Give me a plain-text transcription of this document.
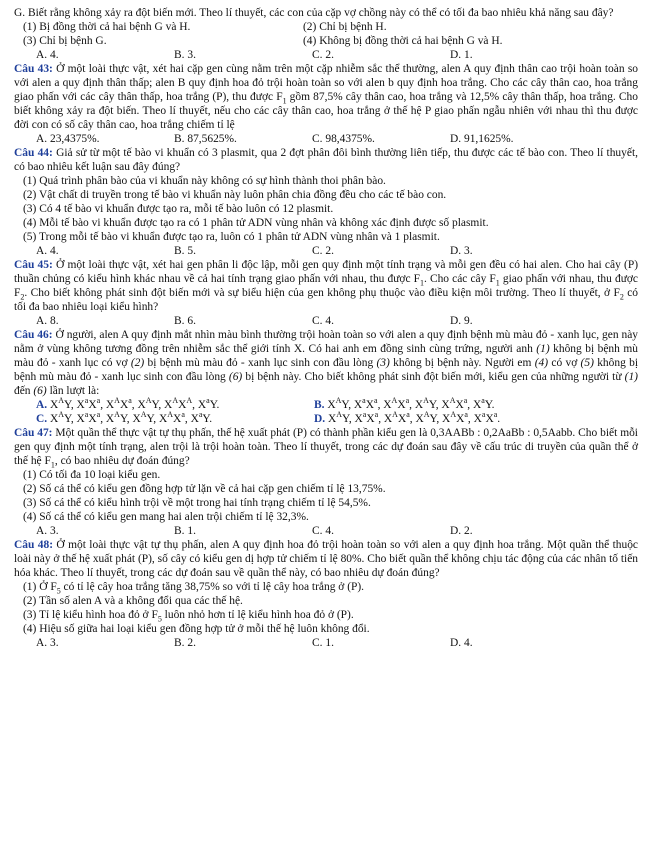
G. Biết rằng không xảy ra đột biến mới. Theo lí thuyết, các con của cặp vợ chồng này có thể có tối đa bao nhiêu khả năng sau đây?

(1) Bị đồng thời cả hai bệnh G và H.	(2) Chỉ bị bệnh H.
(3) Chỉ bị bệnh G.	(4) Không bị đồng thời cả hai bệnh G và H.
A. 4.	B. 3.	C. 2.	D. 1.

Câu 43: Ở một loài thực vật, xét hai cặp gen cùng nằm trên một cặp nhiễm sắc thể thường, alen A quy định thân cao trội hoàn toàn so với alen a quy định thân thấp; alen B quy định hoa đỏ trội hoàn toàn so với alen b quy định hoa trắng. Cho các cây thân cao, hoa trắng giao phấn với các cây thân thấp, hoa trắng (P), thu được $F_1$ gồm 87,5% cây thân cao, hoa trắng và 12,5% cây thân thấp, hoa trắng. Cho biết không xảy ra đột biến. Theo lí thuyết, nếu cho các cây thân cao, hoa trắng ở thế hệ P giao phấn ngẫu nhiên với nhau thì thu được đời con có số cây thân cao, hoa trắng chiếm tỉ lệ

A. 23,4375%.	B. 87,5625%.	C. 98,4375%.	D. 91,1625%.

Câu 44: Giả sử từ một tế bào vi khuẩn có 3 plasmit, qua 2 đợt phân đôi bình thường liên tiếp, thu được các tế bào con. Theo lí thuyết, có bao nhiêu kết luận sau đây đúng?

(1) Quá trình phân bào của vi khuẩn này không có sự hình thành thoi phân bào.

(2) Vật chất di truyền trong tế bào vi khuẩn này luôn phân chia đồng đều cho các tế bào con.

(3) Có 4 tế bào vi khuẩn được tạo ra, mỗi tế bào luôn có 12 plasmit.

(4) Mỗi tế bào vi khuẩn được tạo ra có 1 phân tử ADN vùng nhân và không xác định được số plasmit.

(5) Trong mỗi tế bào vi khuẩn được tạo ra, luôn có 1 phân tử ADN vùng nhân và 1 plasmit.

A. 4.	B. 5.	C. 2.	D. 3.

Câu 45: Ở một loài thực vật, xét hai gen phân li độc lập, mỗi gen quy định một tính trạng và mỗi gen đều có hai alen. Cho hai cây (P) thuần chủng có kiểu hình khác nhau về cả hai tính trạng giao phấn với nhau, thu được $F_1$. Cho các cây $F_1$ giao phấn với nhau, thu được $F_2$. Cho biết không phát sinh đột biến mới và sự biểu hiện của gen không phụ thuộc vào điều kiện môi trường. Theo lí thuyết, ở $F_2$ có tối đa bao nhiêu loại kiểu hình?

A. 8.	B. 6.	C. 4.	D. 9.

Câu 46: Ở người, alen A quy định mắt nhìn màu bình thường trội hoàn toàn so với alen a quy định bệnh mù màu đỏ - xanh lục, gen này nằm ở vùng không tương đồng trên nhiễm sắc thể giới tính X. Có hai anh em đồng sinh cùng trứng, người anh (1) không bị bệnh mù màu đỏ - xanh lục có vợ (2) bị bệnh mù màu đỏ - xanh lục sinh con đầu lòng (3) không bị bệnh này. Người em (4) có vợ (5) không bị bệnh mù màu đỏ - xanh lục sinh con đầu lòng (6) bị bệnh này. Cho biết không phát sinh đột biến mới, kiểu gen của những người từ (1) đến (6) lần lượt là:

A. $X^AY$, $X^aX^a$, $X^AX^a$, $X^AY$, $X^AX^A$, $X^aY$.	B. $X^AY$, $X^aX^a$, $X^AX^a$, $X^AY$, $X^AX^a$, $X^aY$.
C. $X^AY$, $X^aX^a$, $X^AY$, $X^AY$, $X^AX^a$, $X^aY$.	D. $X^AY$, $X^aX^a$, $X^AX^a$, $X^AY$, $X^AX^a$, $X^aX^a$.

Câu 47: Một quần thể thực vật tự thụ phấn, thế hệ xuất phát (P) có thành phần kiểu gen là 0,3AABb : 0,2AaBb : 0,5Aabb. Cho biết mỗi gen quy định một tính trạng, alen trội là trội hoàn toàn. Theo lí thuyết, trong các dự đoán sau đây về cấu trúc di truyền của quần thể ở thế hệ $F_1$, có bao nhiêu dự đoán đúng?

(1) Có tối đa 10 loại kiểu gen.

(2) Số cá thể có kiểu gen đồng hợp tử lặn về cả hai cặp gen chiếm tỉ lệ 13,75%.

(3) Số cá thể có kiểu hình trội về một trong hai tính trạng chiếm tỉ lệ 54,5%.

(4) Số cá thể có kiểu gen mang hai alen trội chiếm tỉ lệ 32,3%.

A. 3.	B. 1.	C. 4.	D. 2.

Câu 48: Ở một loài thực vật tự thụ phấn, alen A quy định hoa đỏ trội hoàn toàn so với alen a quy định hoa trắng. Một quần thể thuộc loài này ở thế hệ xuất phát (P), số cây có kiểu gen dị hợp tử chiếm tỉ lệ 80%. Cho biết quần thể không chịu tác động của các nhân tố tiến hóa khác. Theo lí thuyết, trong các dự đoán sau về quần thể này, có bao nhiêu dự đoán đúng?

(1) Ở $F_5$ có tỉ lệ cây hoa trắng tăng 38,75% so với tỉ lệ cây hoa trắng ở (P).

(2) Tần số alen A và a không đổi qua các thế hệ.

(3) Tỉ lệ kiểu hình hoa đỏ ở $F_5$ luôn nhỏ hơn tỉ lệ kiểu hình hoa đỏ ở (P).

(4) Hiệu số giữa hai loại kiểu gen đồng hợp tử ở mỗi thế hệ luôn không đổi.

A. 3.	B. 2.	C. 1.	D. 4.
